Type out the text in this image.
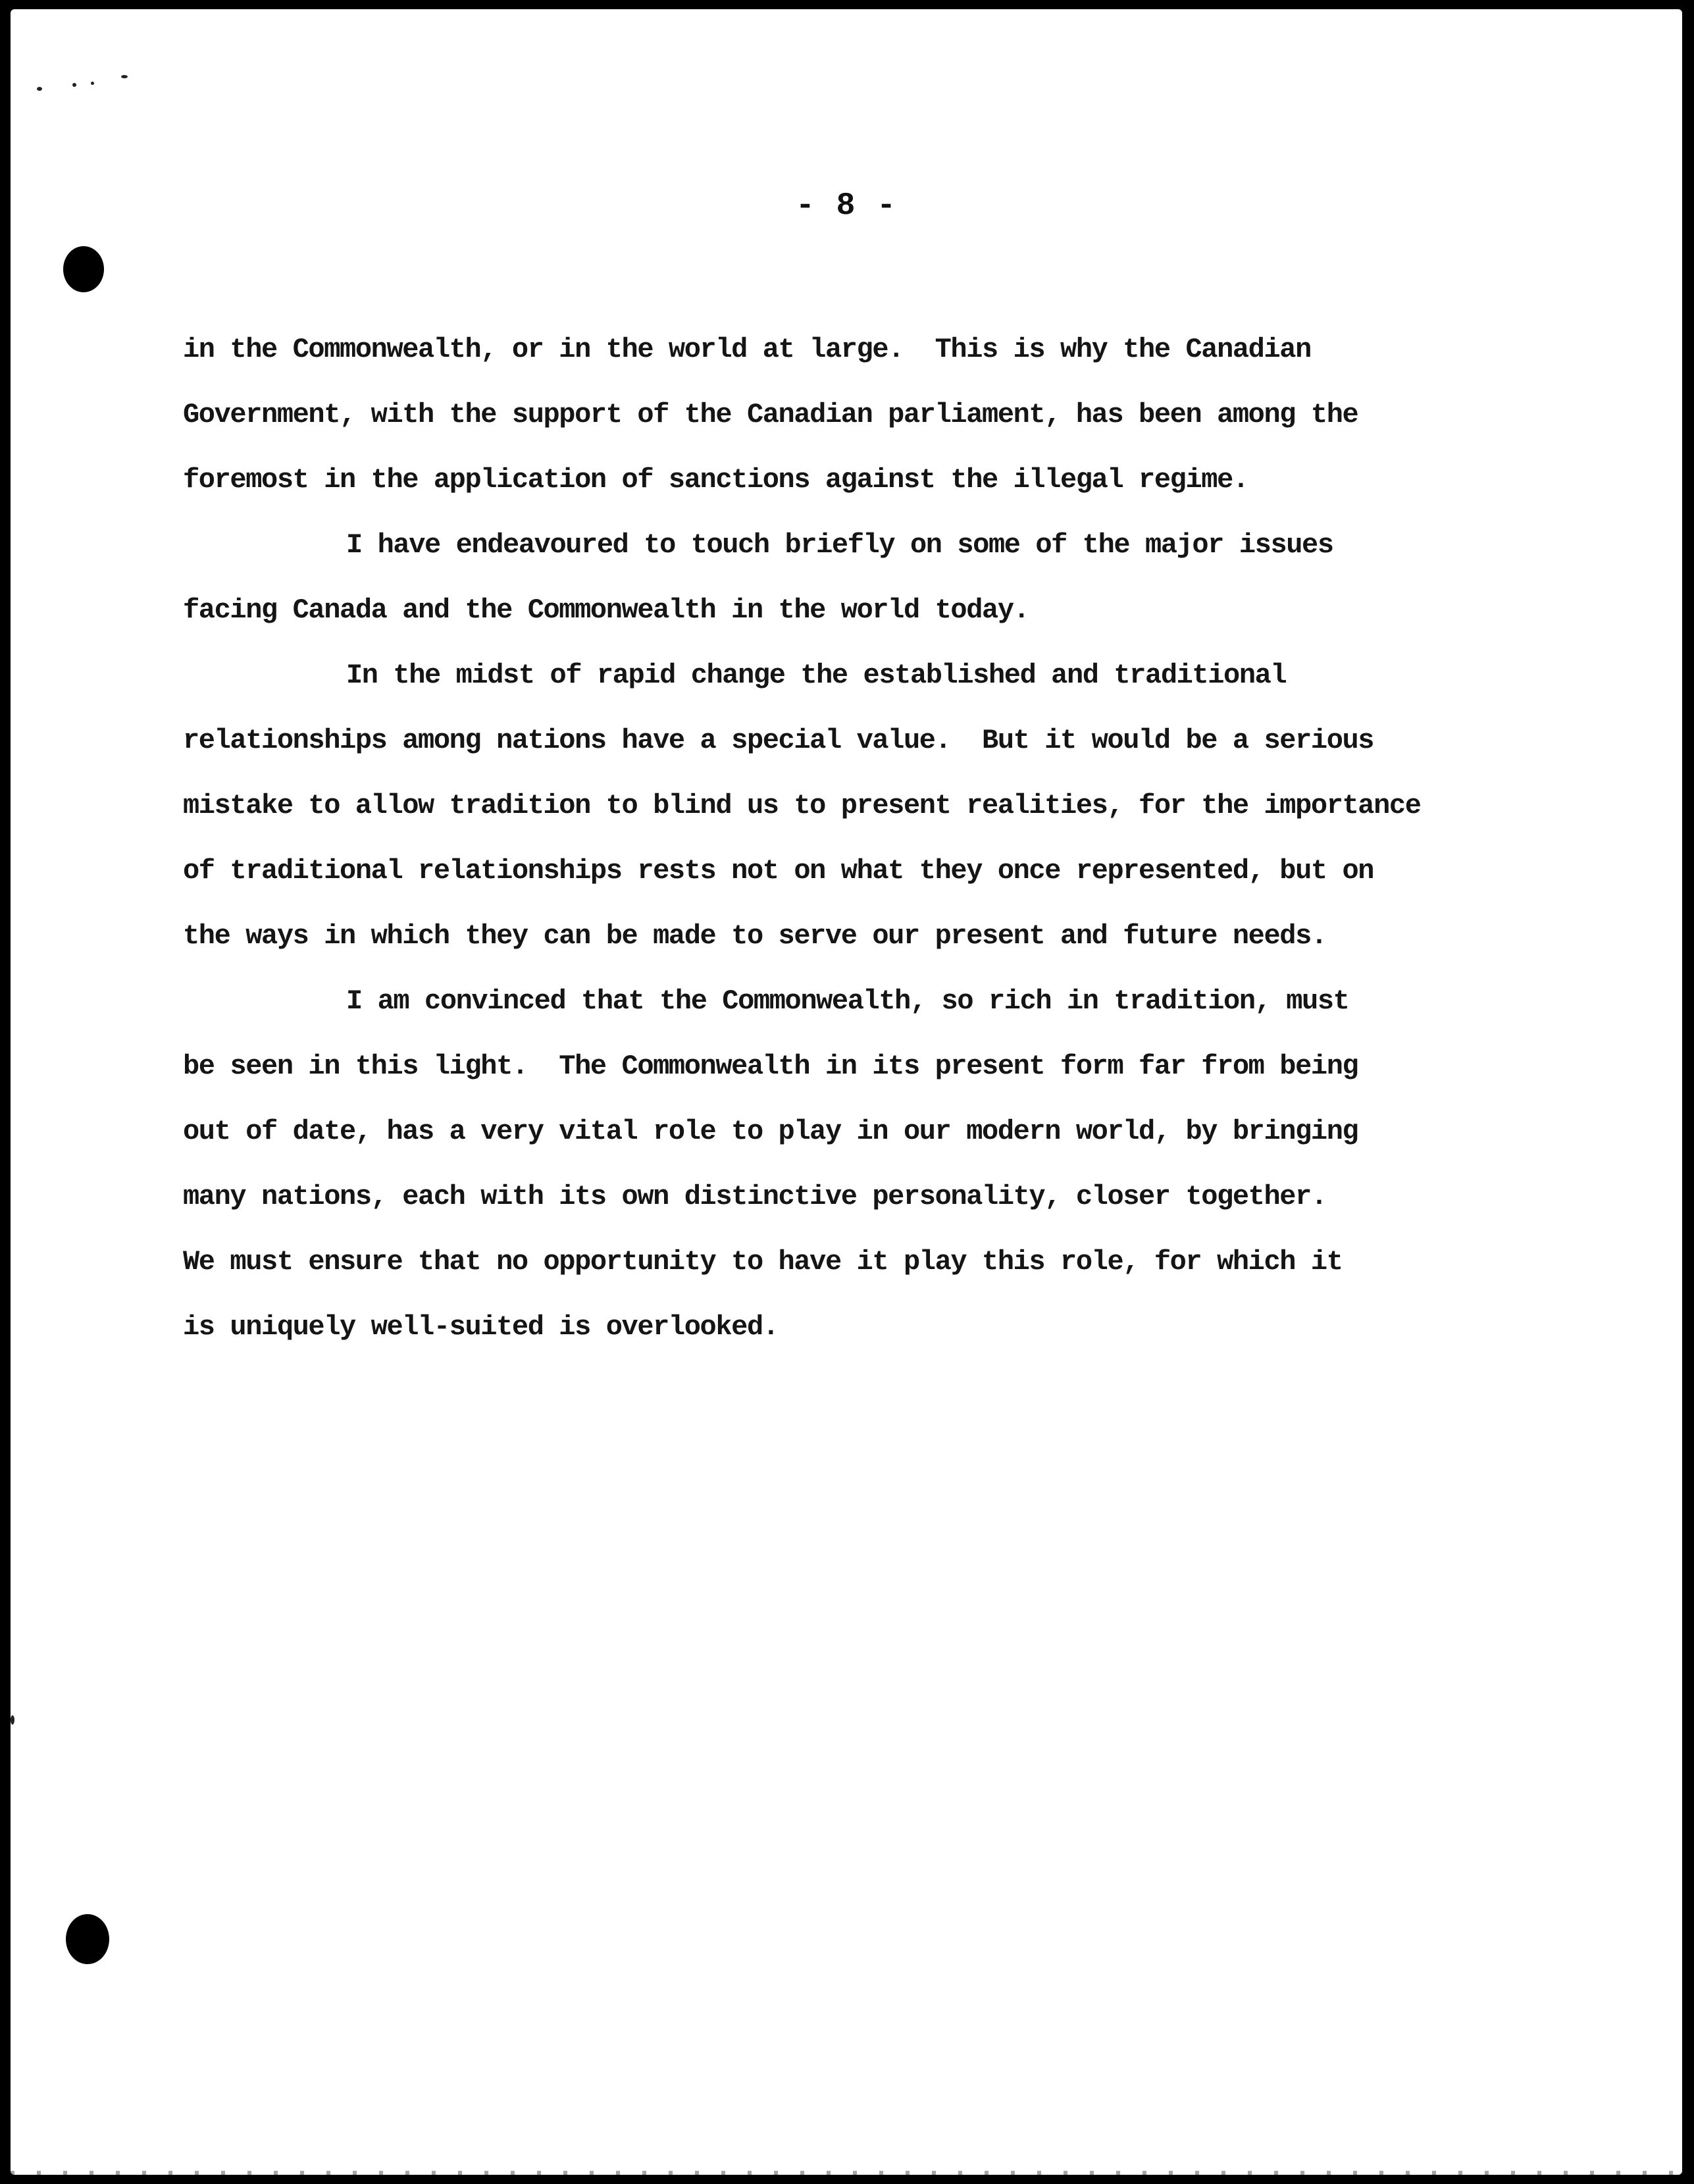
- 8 -
in the Commonwealth, or in the world at large.  This is why the Canadian
Government, with the support of the Canadian parliament, has been among the
foremost in the application of sanctions against the illegal regime.
I have endeavoured to touch briefly on some of the major issues
facing Canada and the Commonwealth in the world today.
In the midst of rapid change the established and traditional
relationships among nations have a special value.  But it would be a serious
mistake to allow tradition to blind us to present realities, for the importance
of traditional relationships rests not on what they once represented, but on
the ways in which they can be made to serve our present and future needs.
I am convinced that the Commonwealth, so rich in tradition, must
be seen in this light.  The Commonwealth in its present form far from being
out of date, has a very vital role to play in our modern world, by bringing
many nations, each with its own distinctive personality, closer together.
We must ensure that no opportunity to have it play this role, for which it
is uniquely well-suited is overlooked.
